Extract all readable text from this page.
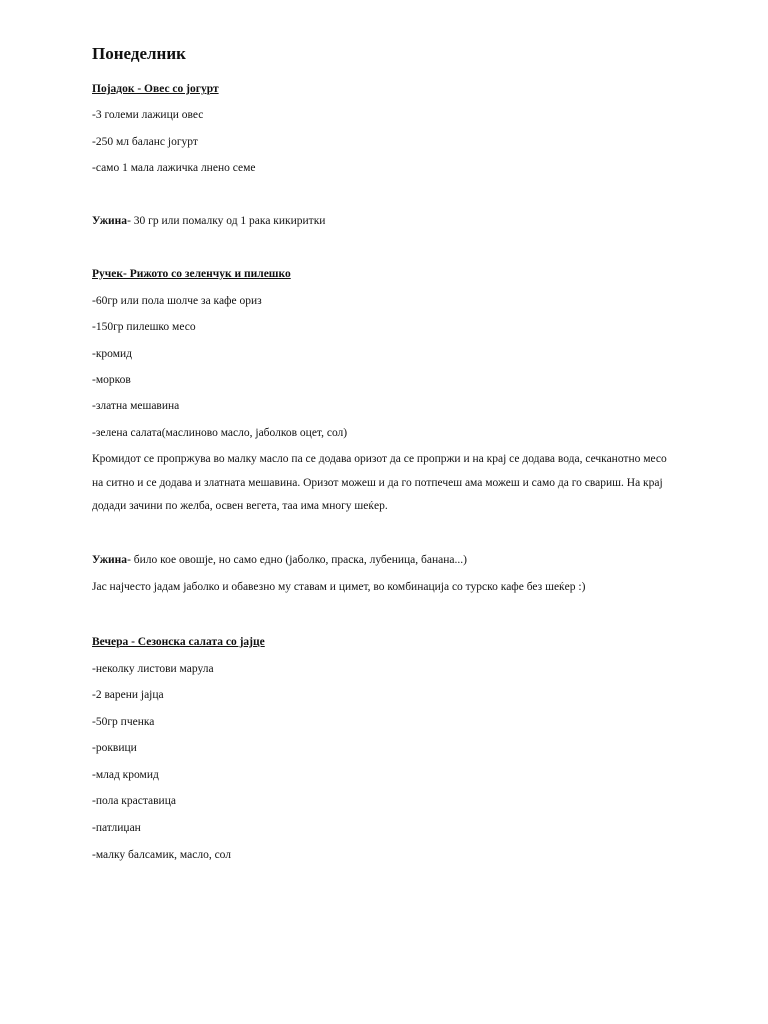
Понеделник
Појадок - Овес со јогурт
-3 големи лажици овес
-250 мл баланс јогурт
-само 1 мала лажичка лнено семе
Ужина- 30 гр или помалку од 1 рака кикиритки
Ручек- Рижото со зеленчук и пилешко
-60гр или пола шолче за кафе ориз
-150гр пилешко месо
-кромид
-морков
-златна мешавина
-зелена салата(маслиново масло, јаболков оцет, сол)
Кромидот се пропржува во малку масло па се додава оризот да се пропржи и на крај се додава вода, сечканотно месо
на ситно и се додава и златната мешавина. Оризот можеш и да го потпечеш ама можеш и само да го свариш. На крај
додади зачини по желба, освен вегета, таа има многу шеќер.
Ужина- било кое овошје, но само едно (јаболко, праска, лубеница, банана...)
Јас најчесто јадам јаболко и обавезно му ставам и цимет, во комбинација со турско кафе без шеќер :)
Вечера - Сезонска салата со јајце
-неколку листови марула
-2 варени јајца
-50гр пченка
-роквици
-млад кромид
-пола краставица
-патлиџан
-малку балсамик, масло, сол
